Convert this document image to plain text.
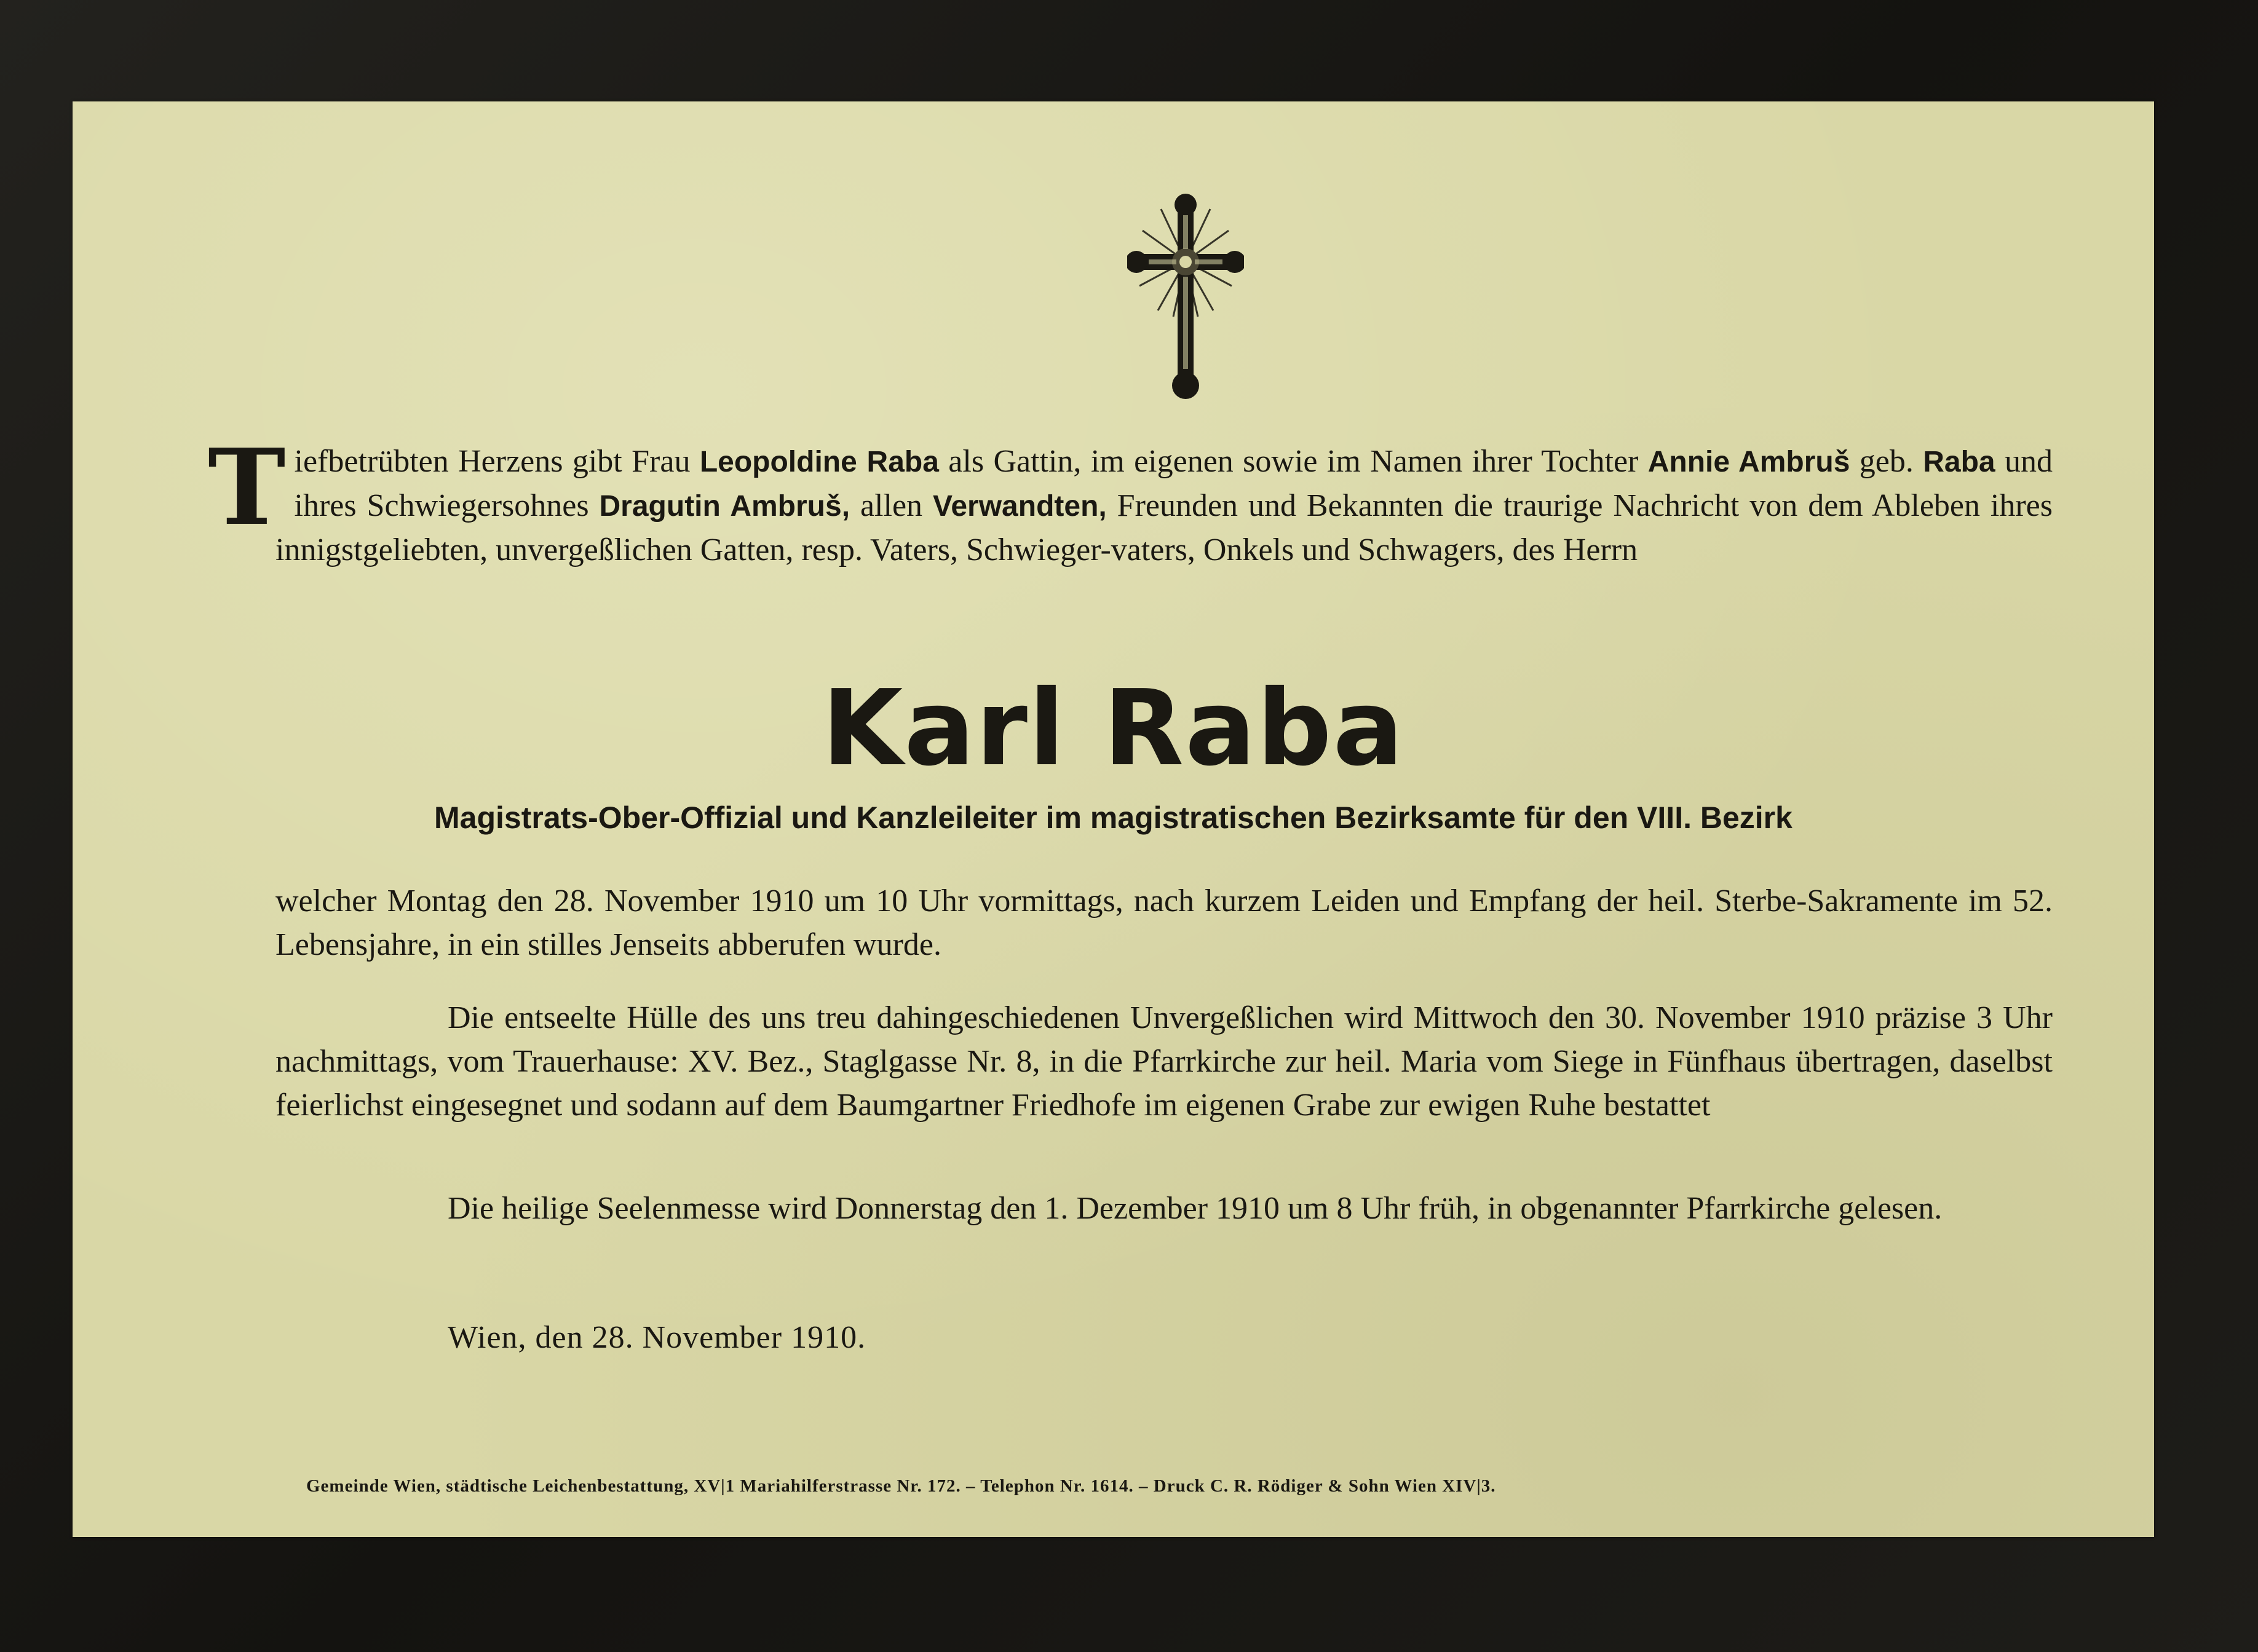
Tiefbetrübten Herzens gibt Frau Leopoldine Raba als Gattin, im eigenen sowie im Namen ihrer Tochter Annie Ambruš geb. Raba und ihres Schwiegersohnes Dragutin Ambruš, allen Verwandten, Freunden und Bekannten die traurige Nachricht von dem Ableben ihres innigstgeliebten, unvergeßlichen Gatten, resp. Vaters, Schwieger-vaters, Onkels und Schwagers, des Herrn
Karl Raba
Magistrats-Ober-Offizial und Kanzleileiter im magistratischen Bezirksamte für den VIII. Bezirk
welcher Montag den 28. November 1910 um 10 Uhr vormittags, nach kurzem Leiden und Empfang der heil. Sterbe-Sakramente im 52. Lebensjahre, in ein stilles Jenseits abberufen wurde.
Die entseelte Hülle des uns treu dahingeschiedenen Unvergeßlichen wird Mittwoch den 30. November 1910 präzise 3 Uhr nachmittags, vom Trauerhause: XV. Bez., Staglgasse Nr. 8, in die Pfarrkirche zur heil. Maria vom Siege in Fünfhaus übertragen, daselbst feierlichst eingesegnet und sodann auf dem Baumgartner Friedhofe im eigenen Grabe zur ewigen Ruhe bestattet
Die heilige Seelenmesse wird Donnerstag den 1. Dezember 1910 um 8 Uhr früh, in obgenannter Pfarrkirche gelesen.
Wien, den 28. November 1910.
Gemeinde Wien, städtische Leichenbestattung, XV|1 Mariahilferstrasse Nr. 172. – Telephon Nr. 1614. – Druck C. R. Rödiger & Sohn Wien XIV|3.
